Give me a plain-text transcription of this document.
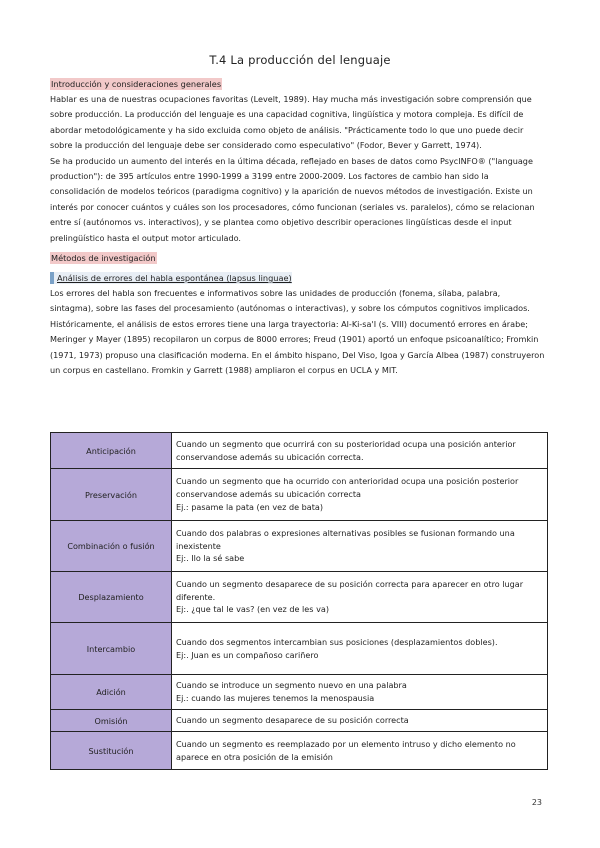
T.4 La producción del lenguaje
Introducción y consideraciones generales

Hablar es una de nuestras ocupaciones favoritas (Levelt, 1989). Hay mucha más investigación sobre comprensión que sobre producción. La producción del lenguaje es una capacidad cognitiva, lingüística y motora compleja. Es difícil de abordar metodológicamente y ha sido excluida como objeto de análisis. "Prácticamente todo lo que uno puede decir sobre la producción del lenguaje debe ser considerado como especulativo" (Fodor, Bever y Garrett, 1974).

Se ha producido un aumento del interés en la última década, reflejado en bases de datos como PsycINFO® ("language production"): de 395 artículos entre 1990-1999 a 3199 entre 2000-2009. Los factores de cambio han sido la consolidación de modelos teóricos (paradigma cognitivo) y la aparición de nuevos métodos de investigación. Existe un interés por conocer cuántos y cuáles son los procesadores, cómo funcionan (seriales vs. paralelos), cómo se relacionan entre sí (autónomos vs. interactivos), y se plantea como objetivo describir operaciones lingüísticas desde el input prelingüístico hasta el output motor articulado.

Métodos de investigación
Análisis de errores del habla espontánea (lapsus linguae)

Los errores del habla son frecuentes e informativos sobre las unidades de producción (fonema, sílaba, palabra, sintagma), sobre las fases del procesamiento (autónomas o interactivas), y sobre los cómputos cognitivos implicados.

Históricamente, el análisis de estos errores tiene una larga trayectoria: Al-Ki-sa'I (s. VIII) documentó errores en árabe; Meringer y Mayer (1895) recopilaron un corpus de 8000 errores; Freud (1901) aportó un enfoque psicoanalítico; Fromkin (1971, 1973) propuso una clasificación moderna. En el ámbito hispano, Del Viso, Igoa y García Albea (1987) construyeron un corpus en castellano. Fromkin y Garrett (1988) ampliaron el corpus en UCLA y MIT.

Anticipación	Cuando un segmento que ocurrirá con su posterioridad ocupa una posición anterior conservandose además su ubicación correcta.

Preservación	Cuando un segmento que ha ocurrido con anterioridad ocupa una posición posterior conservandose además su ubicación correcta
Ej.: pasame la pata (en vez de bata)

Combinación o fusión	Cuando dos palabras o expresiones alternativas posibles se fusionan formando una inexistente
Ej:. Ilo la sé sabe

Desplazamiento	Cuando un segmento desaparece de su posición correcta para aparecer en otro lugar diferente.
Ej:. ¿que tal le vas? (en vez de les va)

Intercambio	Cuando dos segmentos intercambian sus posiciones (desplazamientos dobles).
Ej:. Juan es un compañoso cariñero

Adición	Cuando se introduce un segmento nuevo en una palabra
Ej.: cuando las mujeres tenemos la menospausia

Omisión	Cuando un segmento desaparece de su posición correcta

Sustitución	Cuando un segmento es reemplazado por un elemento intruso y dicho elemento no aparece en otra posición de la emisión
23
